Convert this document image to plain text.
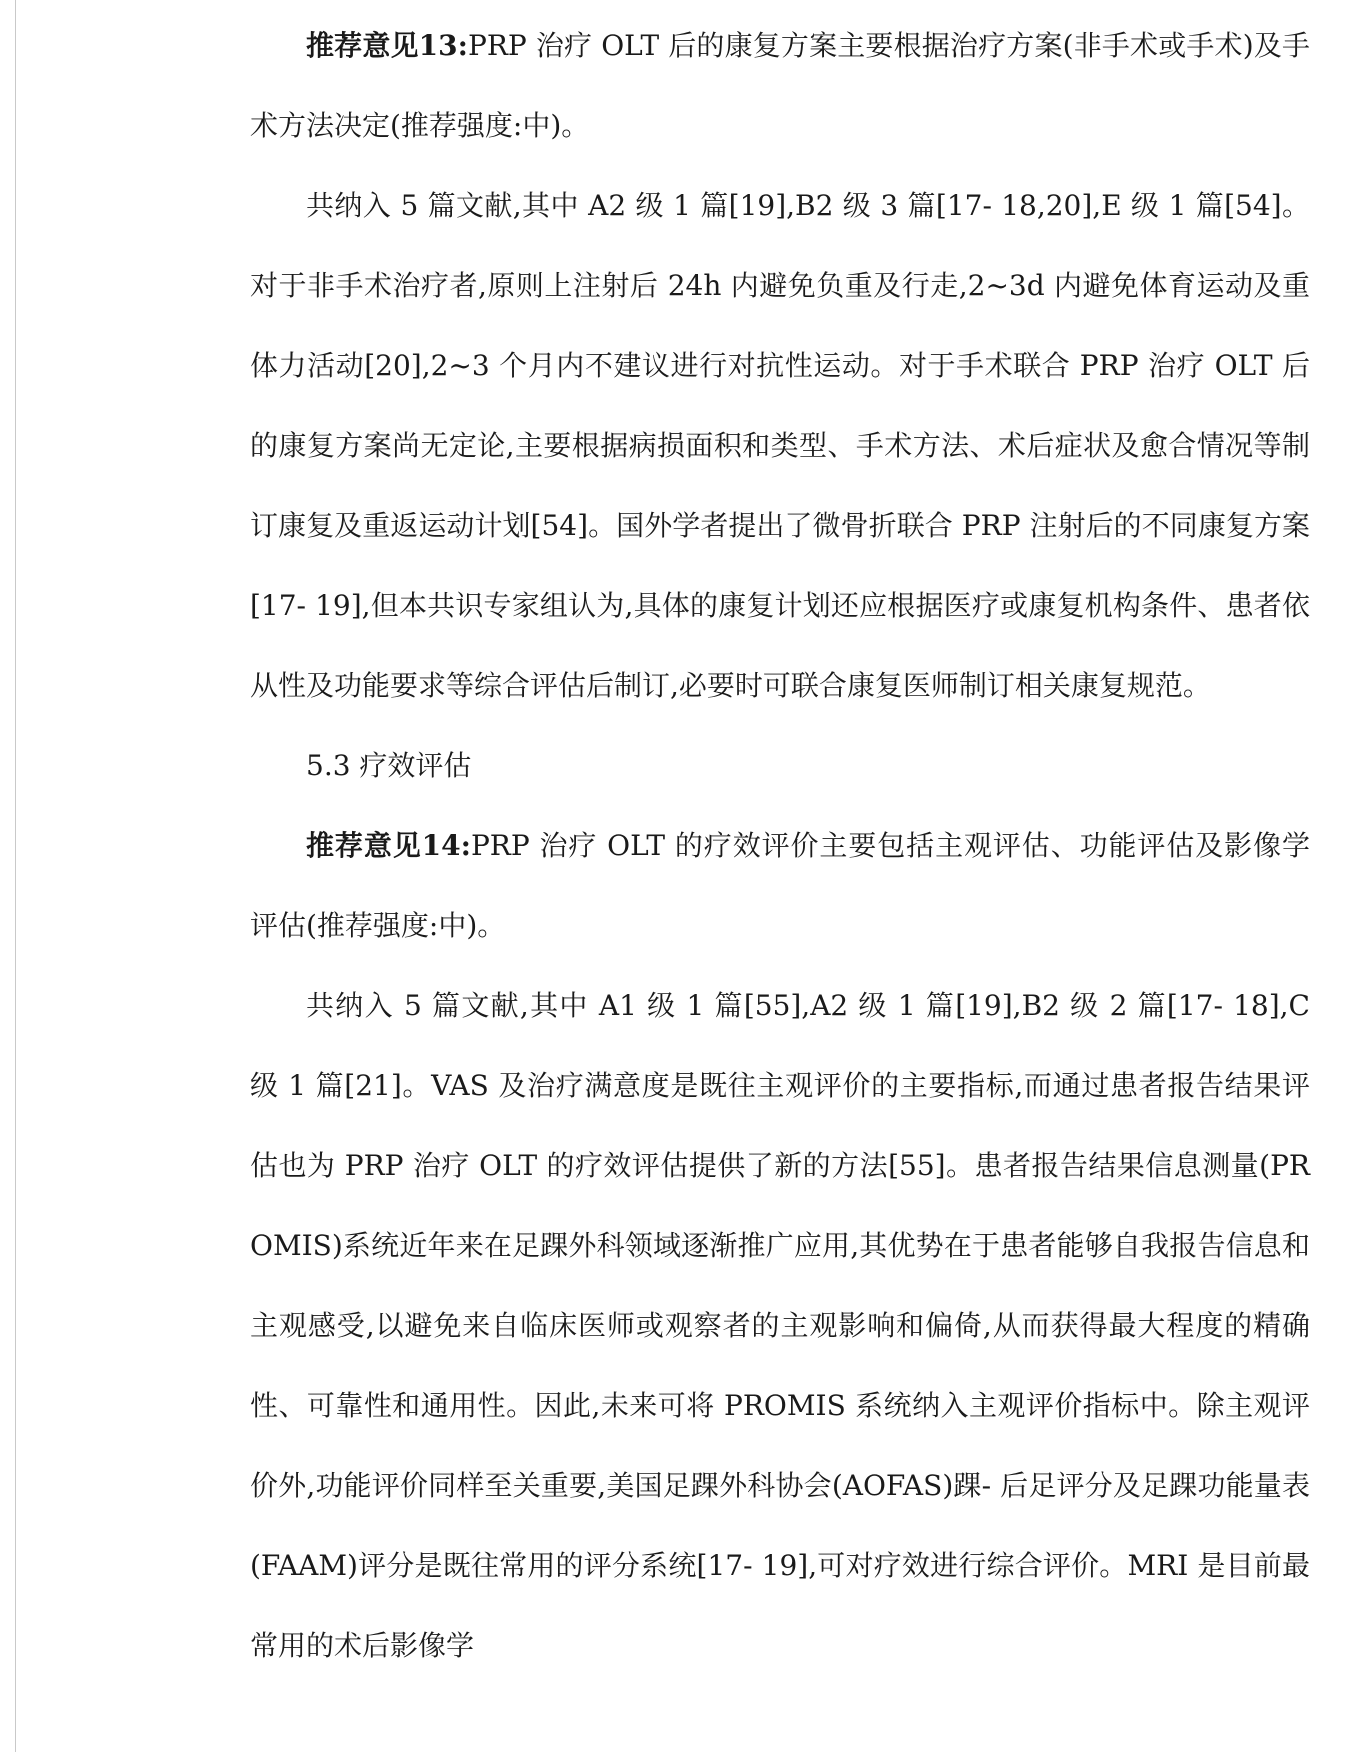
推荐意见13:PRP 治疗 OLT 后的康复方案主要根据治疗方案(非手术或手术)及手术方法决定(推荐强度:中)。

共纳入 5 篇文献,其中 A2 级 1 篇[19],B2 级 3 篇[17- 18,20],E 级 1 篇[54]。对于非手术治疗者,原则上注射后 24h 内避免负重及行走,2~3d 内避免体育运动及重体力活动[20],2~3 个月内不建议进行对抗性运动。对于手术联合 PRP 治疗 OLT 后的康复方案尚无定论,主要根据病损面积和类型、手术方法、术后症状及愈合情况等制订康复及重返运动计划[54]。国外学者提出了微骨折联合 PRP 注射后的不同康复方案[17- 19],但本共识专家组认为,具体的康复计划还应根据医疗或康复机构条件、患者依从性及功能要求等综合评估后制订,必要时可联合康复医师制订相关康复规范。

5.3 疗效评估

推荐意见14:PRP 治疗 OLT 的疗效评价主要包括主观评估、功能评估及影像学评估(推荐强度:中)。

共纳入 5 篇文献,其中 A1 级 1 篇[55],A2 级 1 篇[19],B2 级 2 篇[17- 18],C 级 1 篇[21]。VAS 及治疗满意度是既往主观评价的主要指标,而通过患者报告结果评估也为 PRP 治疗 OLT 的疗效评估提供了新的方法[55]。患者报告结果信息测量(PROMIS)系统近年来在足踝外科领域逐渐推广应用,其优势在于患者能够自我报告信息和主观感受,以避免来自临床医师或观察者的主观影响和偏倚,从而获得最大程度的精确性、可靠性和通用性。因此,未来可将 PROMIS 系统纳入主观评价指标中。除主观评价外,功能评价同样至关重要,美国足踝外科协会(AOFAS)踝- 后足评分及足踝功能量表(FAAM)评分是既往常用的评分系统[17- 19],可对疗效进行综合评价。MRI 是目前最常用的术后影像学
